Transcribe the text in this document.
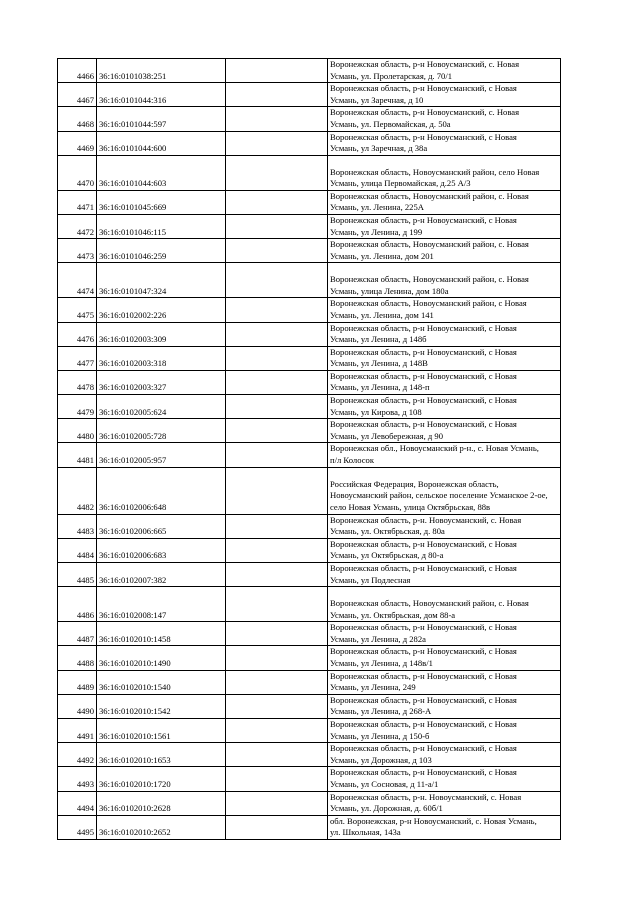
4466	36:16:0101038:251		Воронежская область, р-н Новоусманский, с. Новая
Усмань, ул. Пролетарская, д. 70/1

4467	36:16:0101044:316		Воронежская область, р-н Новоусманский, с Новая
Усмань, ул Заречная, д 10

4468	36:16:0101044:597		Воронежская область, р-н Новоусманский, с. Новая
Усмань, ул. Первомайская, д. 50а

4469	36:16:0101044:600		Воронежская область, р-н Новоусманский, с Новая
Усмань, ул Заречная, д 38а

4470	36:16:0101044:603		Воронежская область, Новоусманский район, село Новая
Усмань, улица Первомайская, д.25 А/3

4471	36:16:0101045:669		Воронежская область, Новоусманский район, с. Новая
Усмань, ул. Ленина, 225А

4472	36:16:0101046:115		Воронежская область, р-н Новоусманский, с Новая
Усмань, ул Ленина, д 199

4473	36:16:0101046:259		Воронежская область, Новоусманский район, с. Новая
Усмань, ул. Ленина, дом 201

4474	36:16:0101047:324		Воронежская область, Новоусманский район, с. Новая
Усмань, улица Ленина, дом 180а

4475	36:16:0102002:226		Воронежская область, Новоусманский район, с Новая
Усмань, ул. Ленина, дом 141

4476	36:16:0102003:309		Воронежская область, р-н Новоусманский, с Новая
Усмань, ул Ленина, д 148б

4477	36:16:0102003:318		Воронежская область, р-н Новоусманский, с Новая
Усмань, ул Ленина, д 148В

4478	36:16:0102003:327		Воронежская область, р-н Новоусманский, с Новая
Усмань, ул Ленина, д 148-п

4479	36:16:0102005:624		Воронежская область, р-н Новоусманский, с Новая
Усмань, ул Кирова, д 108

4480	36:16:0102005:728		Воронежская область, р-н Новоусманский, с Новая
Усмань, ул Левобережная, д 90

4481	36:16:0102005:957		Воронежская обл., Новоусманский р-н., с. Новая Усмань,
п/л Колосок

4482	36:16:0102006:648		Российская Федерация, Воронежская область,
Новоусманский район, сельское поселение Усманское 2-ое,
село Новая Усмань, улица Октябрьская, 88в

4483	36:16:0102006:665		Воронежская область, р-н. Новоусманский, с. Новая
Усмань, ул. Октябрьская, д. 80а

4484	36:16:0102006:683		Воронежская область, р-н Новоусманский, с Новая
Усмань, ул Октябрьская, д 80-а

4485	36:16:0102007:382		Воронежская область, р-н Новоусманский, с Новая
Усмань, ул Подлесная

4486	36:16:0102008:147		Воронежская область, Новоусманский район, с. Новая
Усмань, ул. Октябрьская, дом 88-а

4487	36:16:0102010:1458		Воронежская область, р-н Новоусманский, с Новая
Усмань, ул Ленина, д 282а

4488	36:16:0102010:1490		Воронежская область, р-н Новоусманский, с Новая
Усмань, ул Ленина, д 148в/1

4489	36:16:0102010:1540		Воронежская область, р-н Новоусманский, с Новая
Усмань, ул Ленина, 249

4490	36:16:0102010:1542		Воронежская область, р-н Новоусманский, с Новая
Усмань, ул Ленина, д 268-А

4491	36:16:0102010:1561		Воронежская область, р-н Новоусманский, с Новая
Усмань, ул Ленина, д 150-б

4492	36:16:0102010:1653		Воронежская область, р-н Новоусманский, с Новая
Усмань, ул Дорожная, д 103

4493	36:16:0102010:1720		Воронежская область, р-н Новоусманский, с Новая
Усмань, ул Сосновая, д 11-а/1

4494	36:16:0102010:2628		Воронежская область, р-н. Новоусманский, с. Новая
Усмань, ул. Дорожная, д. 60б/1

4495	36:16:0102010:2652		обл. Воронежская, р-н Новоусманский, с. Новая Усмань,
ул. Школьная, 143а
